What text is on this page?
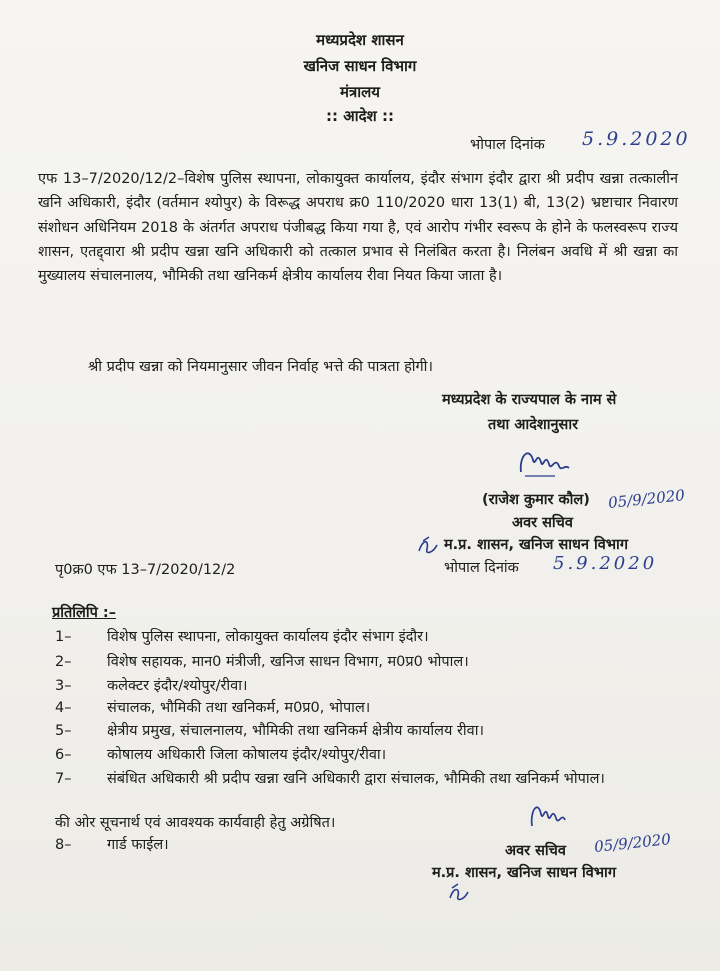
मध्यप्रदेश शासन
खनिज साधन विभाग
मंत्रालय
:: आदेश ::
भोपाल दिनांक 5.9.2020

एफ 13–7/2020/12/2–विशेष पुलिस स्थापना, लोकायुक्त कार्यालय, इंदौर संभाग इंदौर द्वारा श्री प्रदीप खन्ना तत्कालीन खनि अधिकारी, इंदौर (वर्तमान श्योपुर) के विरूद्ध अपराध क्र0 110/2020 धारा 13(1) बी, 13(2) भ्रष्टाचार निवारण संशोधन अधिनियम 2018 के अंतर्गत अपराध पंजीबद्ध किया गया है, एवं आरोप गंभीर स्वरूप के होने के फलस्वरूप राज्य शासन, एतद्द्वारा श्री प्रदीप खन्ना खनि अधिकारी को तत्काल प्रभाव से निलंबित करता है। निलंबन अवधि में श्री खन्ना का मुख्यालय संचालनालय, भौमिकी तथा खनिकर्म क्षेत्रीय कार्यालय रीवा नियत किया जाता है।

श्री प्रदीप खन्ना को नियमानुसार जीवन निर्वाह भत्ते की पात्रता होगी।
मध्यप्रदेश के राज्यपाल के नाम से
तथा आदेशानुसार
(राजेश कुमार कौल) 05/9/2020
अवर सचिव
म.प्र. शासन, खनिज साधन विभाग
भोपाल दिनांक 5.9.2020
पृ0क्र0 एफ 13–7/2020/12/2
प्रतिलिपि :–
1– विशेष पुलिस स्थापना, लोकायुक्त कार्यालय इंदौर संभाग इंदौर।
2– विशेष सहायक, मान0 मंत्रीजी, खनिज साधन विभाग, म0प्र0 भोपाल।
3– कलेक्टर इंदौर/श्योपुर/रीवा।
4– संचालक, भौमिकी तथा खनिकर्म, म0प्र0, भोपाल।
5– क्षेत्रीय प्रमुख, संचालनालय, भौमिकी तथा खनिकर्म क्षेत्रीय कार्यालय रीवा।
6– कोषालय अधिकारी जिला कोषालय इंदौर/श्योपुर/रीवा।
7– संबंधित अधिकारी श्री प्रदीप खन्ना खनि अधिकारी द्वारा संचालक, भौमिकी तथा खनिकर्म भोपाल।
की ओर सूचनार्थ एवं आवश्यक कार्यवाही हेतु अग्रेषित।
8– गार्ड फाईल।	अवर सचिव 05/9/2020
म.प्र. शासन, खनिज साधन विभाग
